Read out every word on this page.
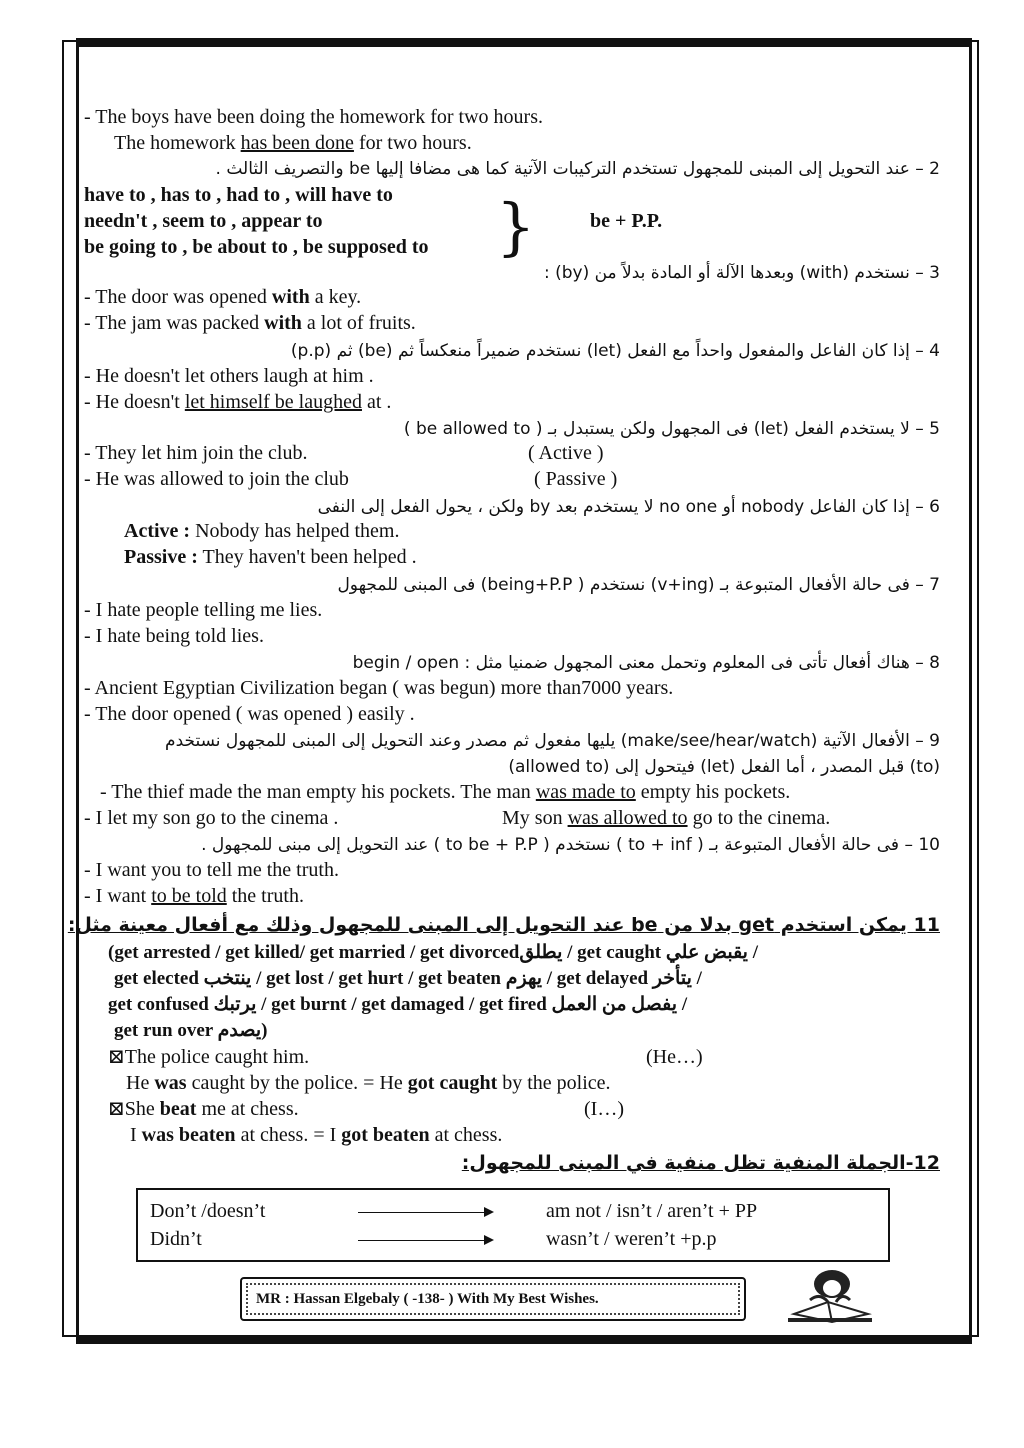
- The boys have been doing the homework for two hours.
The homework has been done for two hours.
2 – عند التحويل إلى المبنى للمجهول تستخدم التركيبات الآتية كما هى مضافا إليها be والتصريف الثالث .
have to , has to , had to , will have to
needn't , seem to , appear to
be going to , be about to , be supposed to }	be + P.P.
3 – نستخدم (with) وبعدها الآلة أو المادة بدلاً من (by) :
- The door was opened with a key.
- The jam was packed with a lot of fruits.
4 – إذا كان الفاعل والمفعول واحداً مع الفعل (let) نستخدم ضميراً منعكساً ثم (be) ثم (p.p)
- He doesn't let others laugh at him .
- He doesn't let himself be laughed at .
5 – لا يستخدم الفعل (let) فى المجهول ولكن يستبدل بـ ( be allowed to )
- They let him join the club.	( Active )
- He was allowed to join the club	( Passive )
6 – إذا كان الفاعل nobody أو no one لا يستخدم بعد by ولكن ، يحول الفعل إلى النفى
Active : Nobody has helped them.
Passive : They haven't been helped .
7 – فى حالة الأفعال المتبوعة بـ (v+ing) نستخدم ( being+P.P) فى المبنى للمجهول
- I hate people telling me lies.
- I hate being told lies.
8 – هناك أفعال تأتى فى المعلوم وتحمل معنى المجهول ضمنيا مثل : begin / open
- Ancient Egyptian Civilization began ( was begun) more than7000 years.
- The door opened ( was opened ) easily .
9 – الأفعال الآتية (make/see/hear/watch) يليها مفعول ثم مصدر وعند التحويل إلى المبنى للمجهول نستخدم
(to) قبل المصدر ، أما الفعل (let) فيتحول إلى (allowed to)
- The thief made the man empty his pockets. The man was made to empty his pockets.
- I let my son go to the cinema .	My son was allowed to go to the cinema.
10 – فى حالة الأفعال المتبوعة بـ ( to + inf ) نستخدم ( to be + P.P ) عند التحويل إلى مبنى للمجهول .
- I want you to tell me the truth.
- I want to be told the truth.
11 يمكن استخدم get بدلا من be عند التحويل إلى المبنى للمجهول وذلك مع أفعال معينة مثل:
(get arrested / get killed/ get married / get divorcedيطلق / get caught يقبض علي /
get elected ينتخب / get lost / get hurt / get beaten يهزم / get delayed يتأخر /
get confused يرتبك / get burnt / get damaged / get fired يفصل من العمل /
get run over يصدم)
⊠The police caught him.	(He…)
He was caught by the police. = He got caught by the police.
⊠She beat me at chess.	(I…)
I was beaten at chess. = I got beaten at chess.
12-الجملة المنفية تظل منفية في المبنى للمجهول:
Don’t /doesn’t	am not / isn’t / aren’t + PP
Didn’t	wasn’t / weren’t +p.p
MR : Hassan Elgebaly ( -138- ) With My Best Wishes.
